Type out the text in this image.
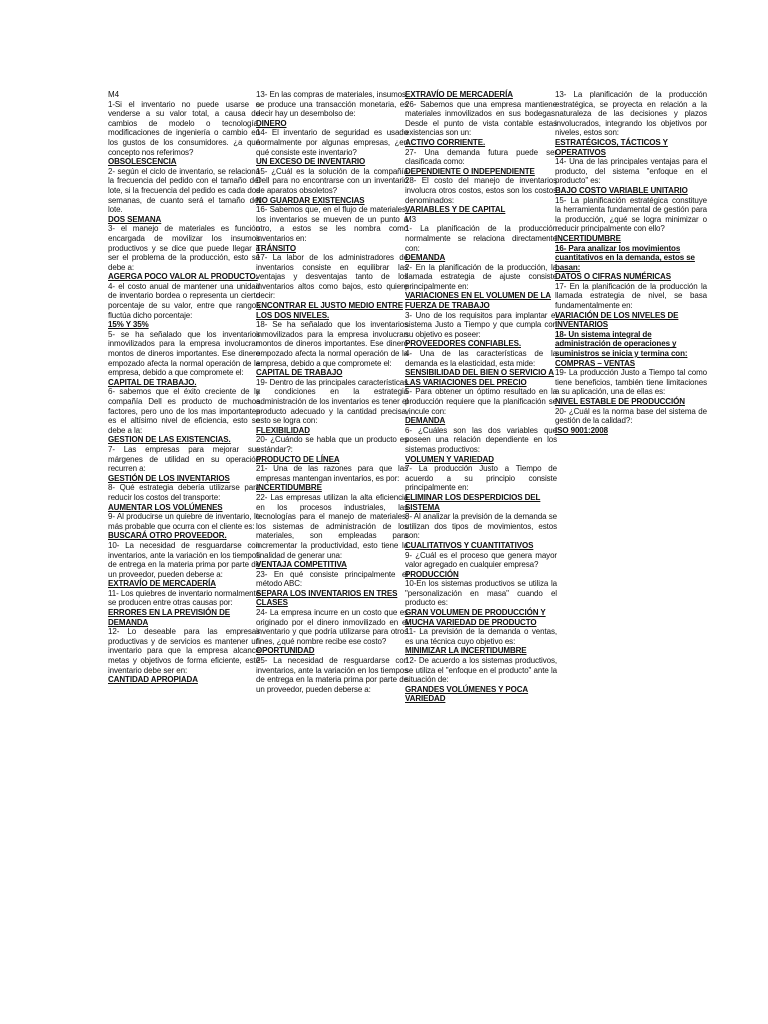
M4
1-Si el inventario no puede usarse o venderse a su valor total, a causa de cambios de modelo o tecnología, modificaciones de ingeniería o cambio en los gustos de los consumidores. ¿a qué concepto nos referimos?
OBSOLESCENCIA
2- según el ciclo de inventario, se relaciona la frecuencia del pedido con el tamaño del lote, si la frecuencia del pedido es cada dos semanas, de cuanto será el tamaño del lote.
DOS SEMANA
3- el manejo de materiales es función encargada de movilizar los insumos productivos y se dice que puede llegar a ser el problema de la producción, esto se debe a:
AGERGA POCO VALOR AL PRODUCTO.
4- el costo anual de mantener una unidad de inventario bordea o representa un cierto porcentaje de su valor, entre que rangos fluctúa dicho porcentaje:
15% Y 35%
5- se ha señalado que los inventarios inmovilizados para la empresa involucran montos de dineros importantes. Ese dinero empozado afecta la normal operación de la empresa, debido a que compromete el:
CAPITAL DE TRABAJO.
6- sabemos que el éxito creciente de la compañía Dell es producto de muchos factores, pero uno de los mas importantes es el altísimo nivel de eficiencia, esto se debe a la:
GESTION DE LAS EXISTENCIAS.
7- Las empresas para mejorar sus márgenes de utilidad en su operación recurren a:
GESTIÓN DE LOS INVENTARIOS
8- Qué estrategia debería utilizarse para reducir los costos del transporte:
AUMENTAR LOS VOLÚMENES
9- Al producirse un quiebre de inventario, lo más probable que ocurra con el cliente es:
BUSCARÁ OTRO PROVEEDOR.
10- La necesidad de resguardarse con inventarios, ante la variación en los tiempos de entrega en la materia prima por parte de un proveedor, pueden deberse a:
EXTRAVÍO DE MERCADERÍA
11- Los quiebres de inventario normalmente se producen entre otras causas por:
ERRORES EN LA PREVISIÓN DE DEMANDA
12- Lo deseable para las empresas productivas y de servicios es mantener un inventario para que la empresa alcance metas y objetivos de forma eficiente, este inventario debe ser en:
CANTIDAD APROPIADA
13- En las compras de materiales, insumos, se produce una transacción monetaria, es decir hay un desembolso de:
DINERO
14- El inventario de seguridad es usado normalmente por algunas empresas, ¿en qué consiste este inventario?
UN EXCESO DE INVENTARIO
15- ¿Cuál es la solución de la compañía Dell para no encontrarse con un inventario de aparatos obsoletos?
NO GUARDAR EXISTENCIAS
16- Sabemos que, en el flujo de materiales, los inventarios se mueven de un punto a otro, a estos se les nombra como inventarios en:
TRÁNSITO
17- La labor de los administradores de inventarios consiste en equilibrar las ventajas y desventajas tanto de los inventarios altos como bajos, esto quiere decir:
ENCONTRAR EL JUSTO MEDIO ENTRE LOS DOS NIVELES.
18- Se ha señalado que los inventarios inmovilizados para la empresa involucran montos de dineros importantes. Ese dinero empozado afecta la normal operación de la empresa, debido a que compromete el:
CAPITAL DE TRABAJO
19- Dentro de las principales características y condiciones en la estrategia administración de los inventarios es tener el producto adecuado y la cantidad precisa, esto se logra con:
FLEXIBILIDAD
20- ¿Cuándo se habla que un producto es estándar?:
PRODUCTO DE LÍNEA
21- Una de las razones para que las empresas mantengan inventarios, es por:
INCERTIDUMBRE
22- Las empresas utilizan la alta eficiencia en los procesos industriales, las tecnologías para el manejo de materiales, los sistemas de administración de los materiales, son empleadas para incrementar la productividad, esto tiene la finalidad de generar una:
VENTAJA COMPETITIVA
23- En qué consiste principalmente el método ABC:
SEPARA LOS INVENTARIOS EN TRES CLASES
24- La empresa incurre en un costo que es originado por el dinero inmovilizado en el inventario y que podría utilizarse para otros fines, ¿qué nombre recibe ese costo?
OPORTUNIDAD
25- La necesidad de resguardarse con inventarios, ante la variación en los tiempos de entrega en la materia prima por parte de un proveedor, pueden deberse a:
EXTRAVÍO DE MERCADERÍA
26- Sabemos que una empresa mantiene materiales inmovilizados en sus bodegas. Desde el punto de vista contable estas existencias son un:
ACTIVO CORRIENTE.
27- Una demanda futura puede ser clasificada como:
DEPENDIENTE O INDEPENDIENTE
28- El costo del manejo de inventarios involucra otros costos, estos son los costos denominados:
VARIABLES Y DE CAPITAL
M3
1- La planificación de la producción normalmente se relaciona directamente con:
DEMANDA
2- En la planificación de la producción, la llamada estrategia de ajuste consiste principalmente en:
VARIACIONES EN EL VOLUMEN DE LA FUERZA DE TRABAJO
3- Uno de los requisitos para implantar el sistema Justo a Tiempo y que cumpla con su objetivo es poseer:
PROVEEDORES CONFIABLES.
4- Una de las características de la demanda es la elasticidad, esta mide:
SENSIBILIDAD DEL BIEN O SERVICIO A LAS VARIACIONES DEL PRECIO
5- Para obtener un óptimo resultado en la producción requiere que la planificación se vincule con:
DEMANDA
6- ¿Cuáles son las dos variables que poseen una relación dependiente en los sistemas productivos:
VOLUMEN Y VARIEDAD
7- La producción Justo a Tiempo de acuerdo a su principio consiste principalmente en:
ELIMINAR LOS DESPERDICIOS DEL SISTEMA
8- Al analizar la previsión de la demanda se utilizan dos tipos de movimientos, estos son:
CUALITATIVOS Y CUANTITATIVOS
9- ¿Cuál es el proceso que genera mayor valor agregado en cualquier empresa?
PRODUCCIÓN
10-En los sistemas productivos se utiliza la "personalización en masa" cuando el producto es:
GRAN VOLUMEN DE PRODUCCIÓN Y MUCHA VARIEDAD DE PRODUCTO
11- La previsión de la demanda o ventas, es una técnica cuyo objetivo es:
MINIMIZAR LA INCERTIDUMBRE
12- De acuerdo a los sistemas productivos, se utiliza el "enfoque en el producto" ante la situación de:
GRANDES VOLÚMENES Y POCA VARIEDAD
13- La planificación de la producción estratégica, se proyecta en relación a la naturaleza de las decisiones y plazos involucrados, integrando los objetivos por niveles, estos son:
ESTRATÉGICOS, TÁCTICOS Y OPERATIVOS
14- Una de las principales ventajas para el producto, del sistema "enfoque en el producto" es:
BAJO COSTO VARIABLE UNITARIO
15- La planificación estratégica constituye la herramienta fundamental de gestión para la producción, ¿qué se logra minimizar o reducir principalmente con ello?
INCERTIDUMBRE
16- Para analizar los movimientos cuantitativos en la demanda, estos se basan:
DATOS O CIFRAS NUMÉRICAS
17- En la planificación de la producción la llamada estrategia de nivel, se basa fundamentalmente en:
VARIACIÓN DE LOS NIVELES DE INVENTARIOS
18- Un sistema integral de administración de operaciones y suministros se inicia y termina con:
COMPRAS – VENTAS
19- La producción Justo a Tiempo tal como tiene beneficios, también tiene limitaciones a su aplicación, una de ellas es:
NIVEL ESTABLE DE PRODUCCIÓN
20- ¿Cuál es la norma base del sistema de gestión de la calidad?:
ISO 9001:2008
